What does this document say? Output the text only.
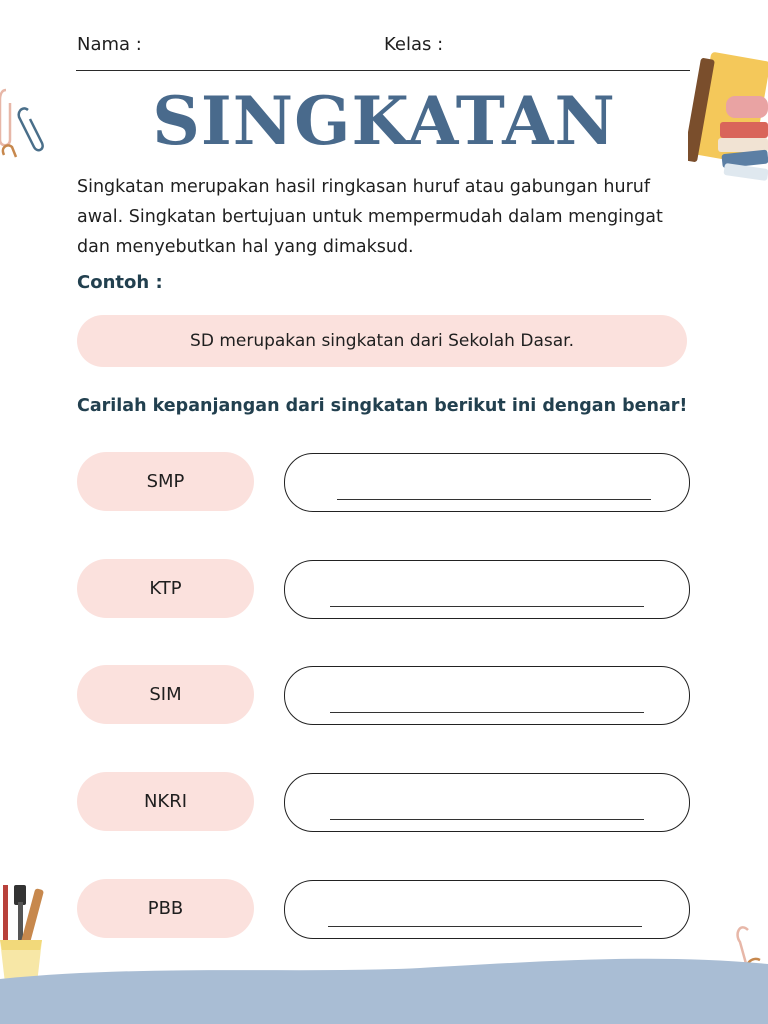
Nama :	Kelas :
SINGKATAN
Singkatan merupakan hasil ringkasan huruf atau gabungan huruf
awal. Singkatan bertujuan untuk mempermudah dalam mengingat
dan menyebutkan hal yang dimaksud.
Contoh :
SD merupakan singkatan dari Sekolah Dasar.
Carilah kepanjangan dari singkatan berikut ini dengan benar!
SMP
KTP
SIM
NKRI
PBB
